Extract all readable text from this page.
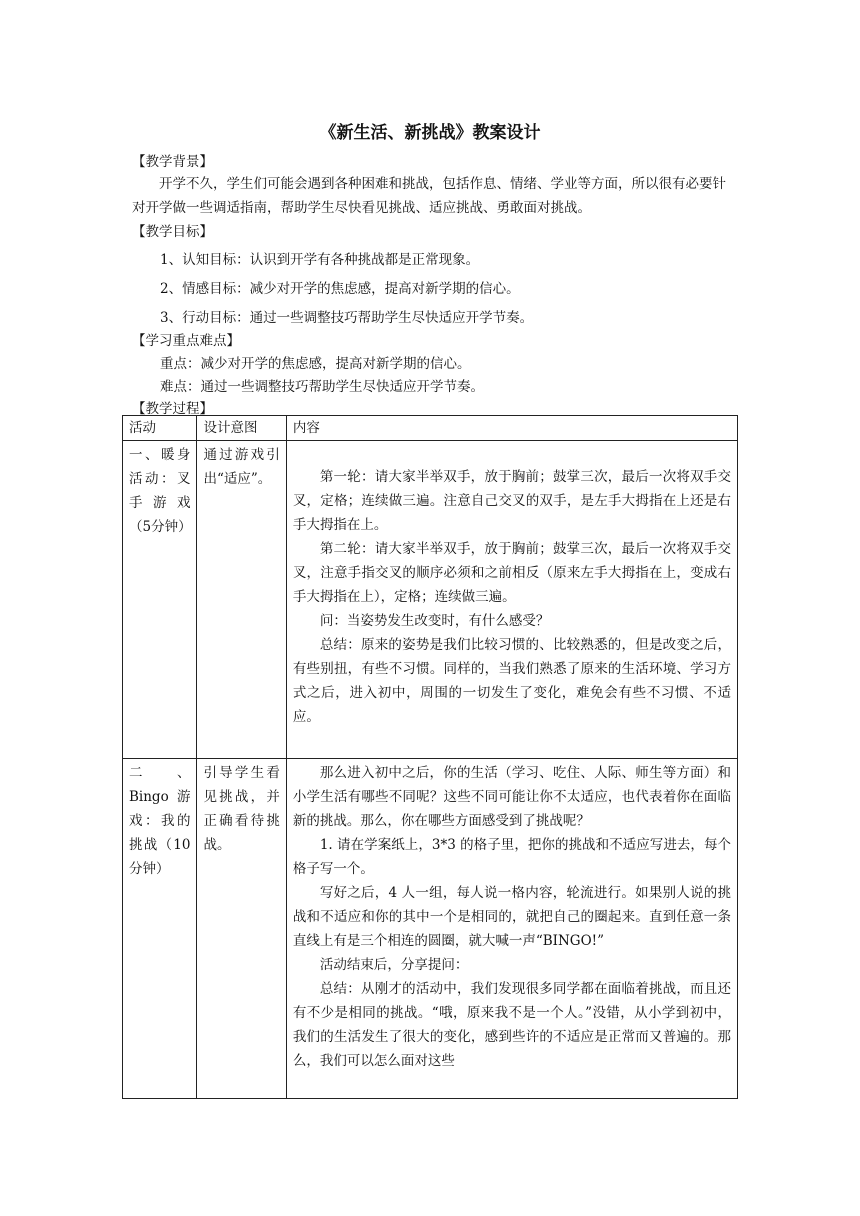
《新生活、新挑战》教案设计
【教学背景】
开学不久，学生们可能会遇到各种困难和挑战，包括作息、情绪、学业等方面，所以很有必要针对开学做一些调适指南，帮助学生尽快看见挑战、适应挑战、勇敢面对挑战。
【教学目标】
1、认知目标：认识到开学有各种挑战都是正常现象。
2、情感目标：减少对开学的焦虑感，提高对新学期的信心。
3、行动目标：通过一些调整技巧帮助学生尽快适应开学节奏。
【学习重点难点】
重点：减少对开学的焦虑感，提高对新学期的信心。
难点：通过一些调整技巧帮助学生尽快适应开学节奏。
【教学过程】
活动	设计意图	内容
一、暖身活动：叉手游戏（5分钟）	通过游戏引出“适应”。	第一轮：请大家半举双手，放于胸前；鼓掌三次，最后一次将双手交叉，定格；连续做三遍。注意自己交叉的双手，是左手大拇指在上还是右手大拇指在上。

第二轮：请大家半举双手，放于胸前；鼓掌三次，最后一次将双手交叉，注意手指交叉的顺序必须和之前相反（原来左手大拇指在上，变成右手大拇指在上），定格；连续做三遍。

问：当姿势发生改变时，有什么感受？

总结：原来的姿势是我们比较习惯的、比较熟悉的，但是改变之后，有些别扭，有些不习惯。同样的，当我们熟悉了原来的生活环境、学习方式之后，进入初中，周围的一切发生了变化，难免会有些不习惯、不适应。

二、Bingo游戏：我的挑战（10分钟）	引导学生看见挑战，并正确看待挑战。	那么进入初中之后，你的生活（学习、吃住、人际、师生等方面）和小学生活有哪些不同呢？这些不同可能让你不太适应，也代表着你在面临新的挑战。那么，你在哪些方面感受到了挑战呢？

1. 请在学案纸上，3*3 的格子里，把你的挑战和不适应写进去，每个格子写一个。

写好之后，4 人一组，每人说一格内容，轮流进行。如果别人说的挑战和不适应和你的其中一个是相同的，就把自己的圈起来。直到任意一条直线上有是三个相连的圆圈，就大喊一声“BINGO!”

活动结束后，分享提问：

总结：从刚才的活动中，我们发现很多同学都在面临着挑战，而且还有不少是相同的挑战。“哦，原来我不是一个人。”没错，从小学到初中，我们的生活发生了很大的变化，感到些许的不适应是正常而又普遍的。那么，我们可以怎么面对这些
